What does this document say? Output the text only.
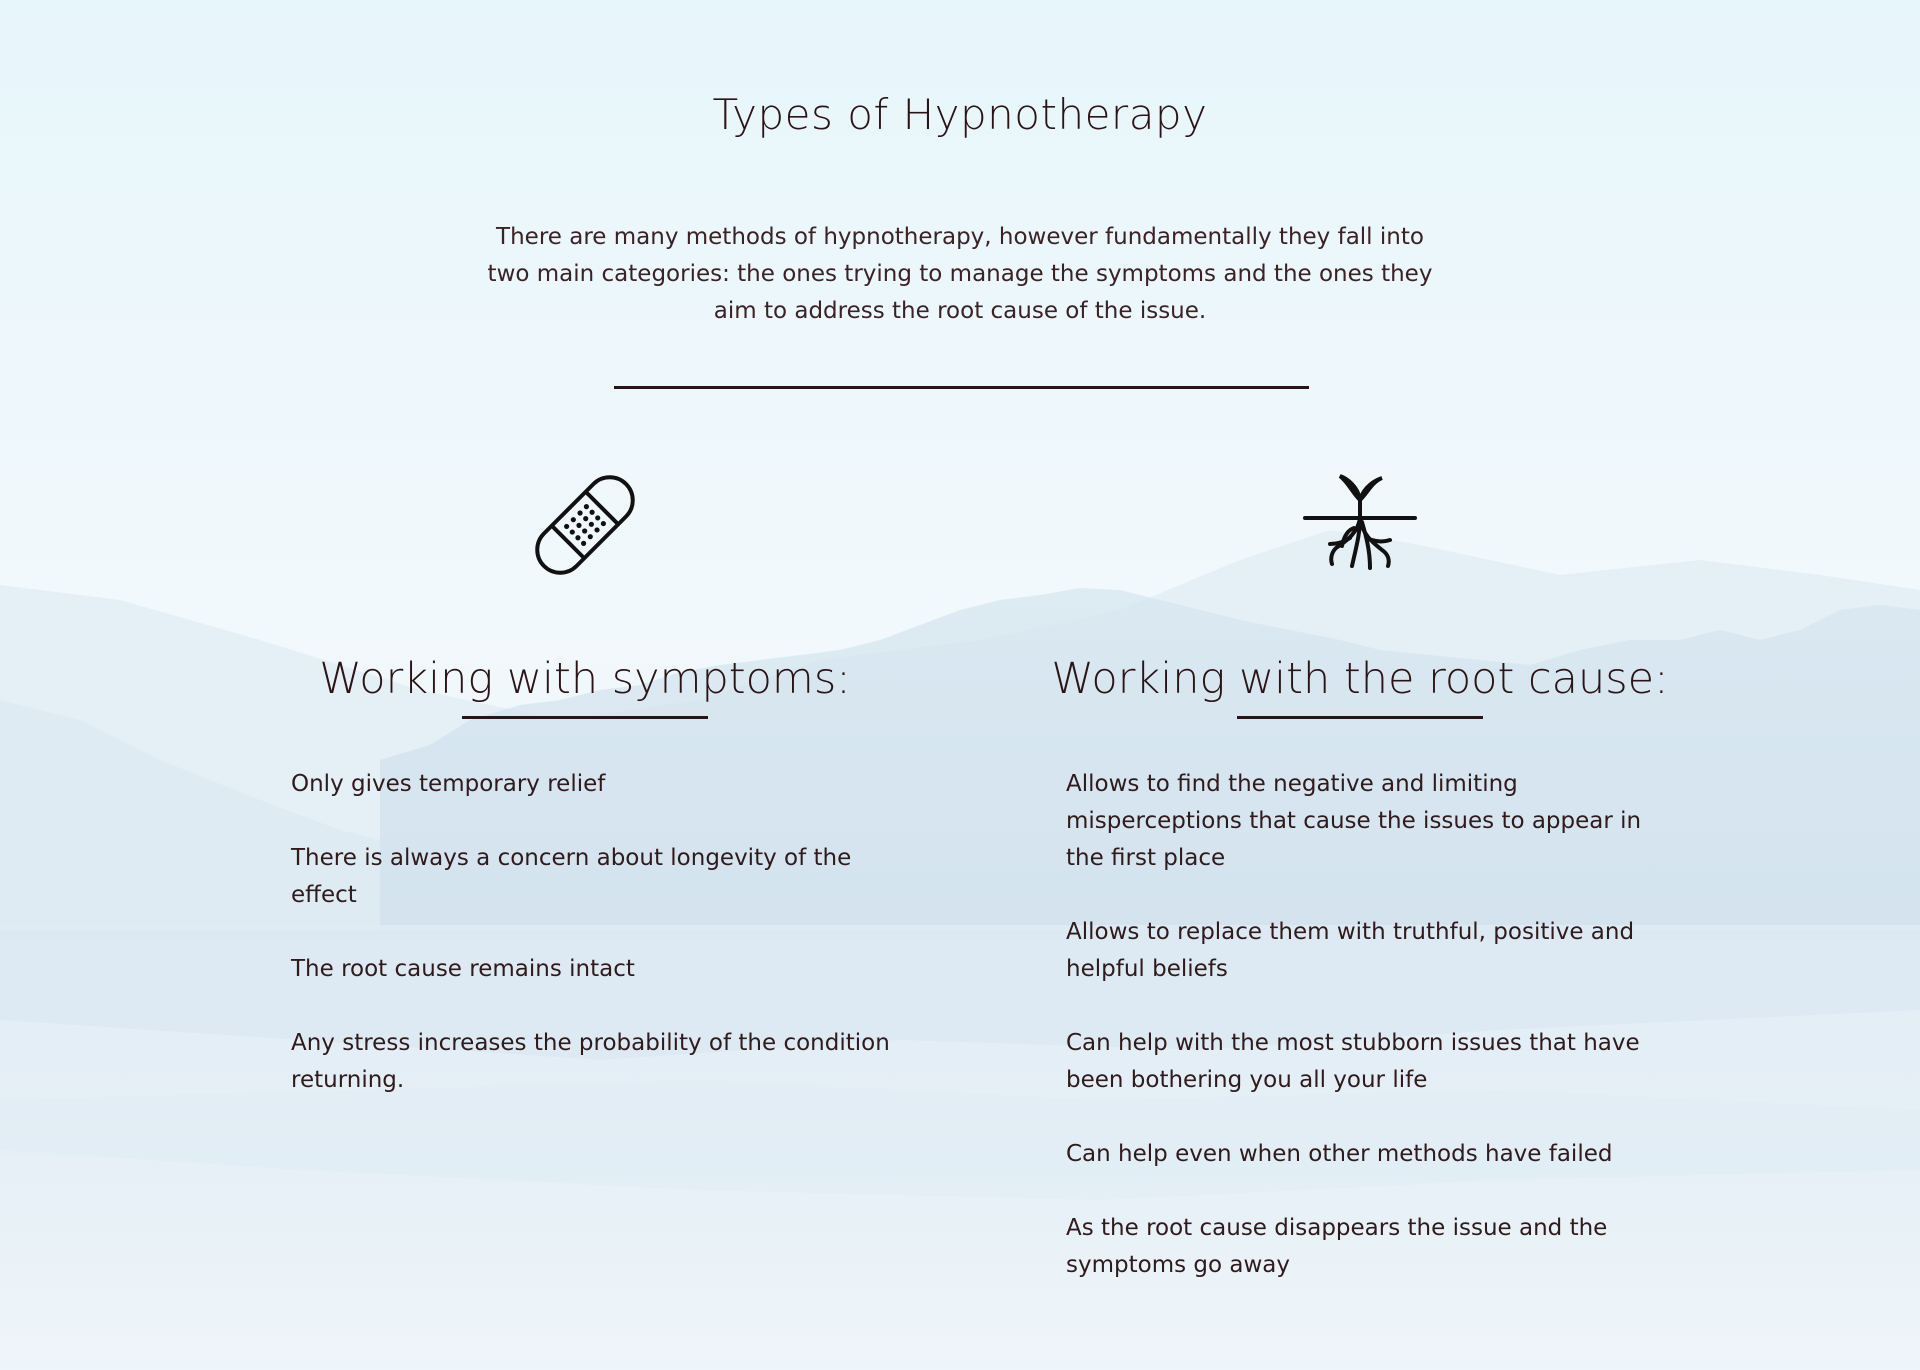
Types of Hypnotherapy

There are many methods of hypnotherapy, however fundamentally they fall into two main categories: the ones trying to manage the symptoms and the ones they aim to address the root cause of the issue.

Working with symptoms:
Only gives temporary relief
There is always a concern about longevity of the effect
The root cause remains intact
Any stress increases the probability of the condition returning.
Working with the root cause:
Allows to find the negative and limiting misperceptions that cause the issues to appear in the first place
Allows to replace them with truthful, positive and helpful beliefs
Can help with the most stubborn issues that have been bothering you all your life
Can help even when other methods have failed
As the root cause disappears the issue and the symptoms go away
